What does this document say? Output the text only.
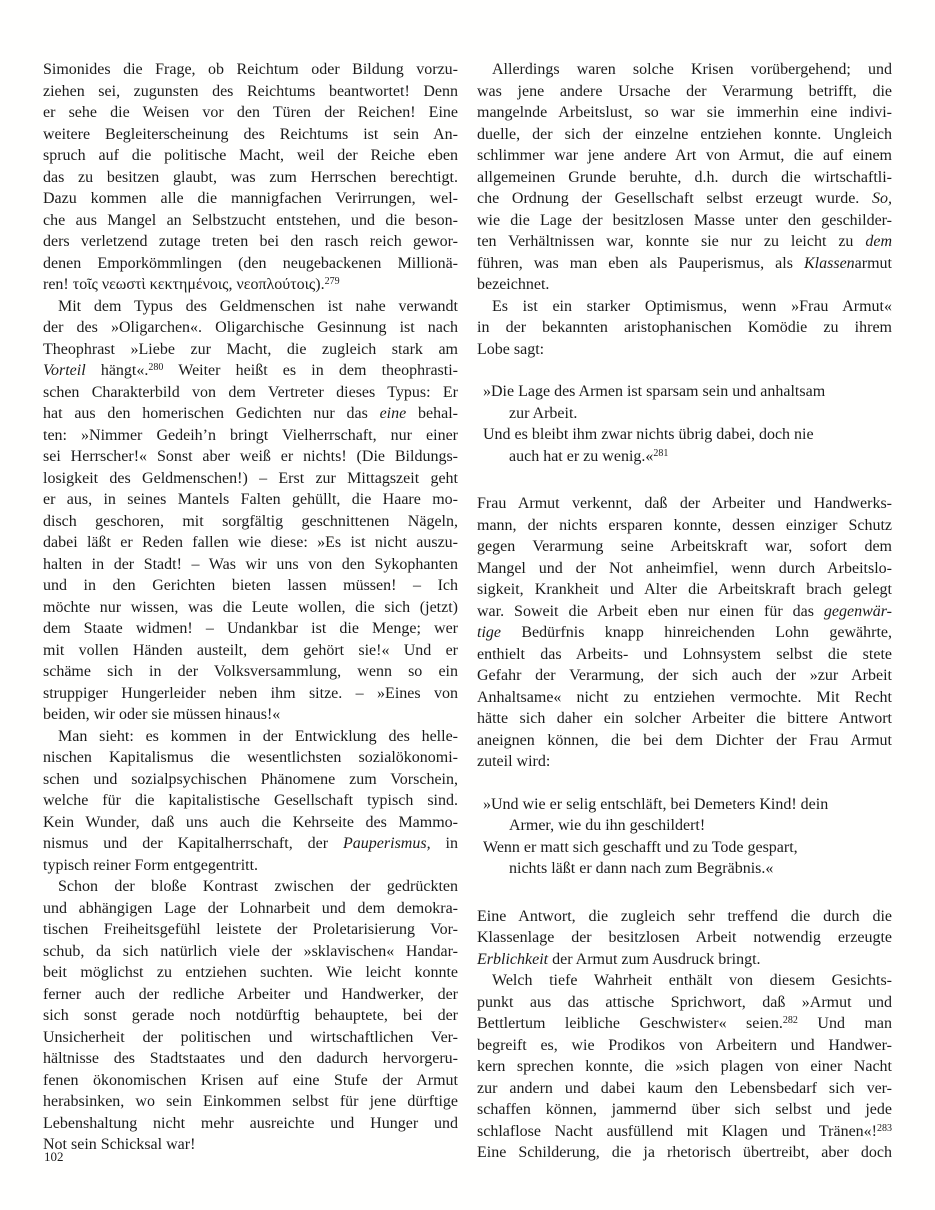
Simonides die Frage, ob Reichtum oder Bildung vorzu-
ziehen sei, zugunsten des Reichtums beantwortet! Denn
er sehe die Weisen vor den Türen der Reichen! Eine
weitere Begleiterscheinung des Reichtums ist sein An-
spruch auf die politische Macht, weil der Reiche eben
das zu besitzen glaubt, was zum Herrschen berechtigt.
Dazu kommen alle die mannigfachen Verirrungen, wel-
che aus Mangel an Selbstzucht entstehen, und die beson-
ders verletzend zutage treten bei den rasch reich gewor-
denen Emporkömmlingen (den neugebackenen Millionä-
ren! τοῖς νεωστὶ κεκτημένοις, νεοπλούτοις).$^{279}$
Mit dem Typus des Geldmenschen ist nahe verwandt
der des »Oligarchen«. Oligarchische Gesinnung ist nach
Theophrast »Liebe zur Macht, die zugleich stark am
Vorteil hängt«.$^{280}$ Weiter heißt es in dem theophrasti-
schen Charakterbild von dem Vertreter dieses Typus: Er
hat aus den homerischen Gedichten nur das eine behal-
ten: »Nimmer Gedeih’n bringt Vielherrschaft, nur einer
sei Herrscher!« Sonst aber weiß er nichts! (Die Bildungs-
losigkeit des Geldmenschen!) – Erst zur Mittagszeit geht
er aus, in seines Mantels Falten gehüllt, die Haare mo-
disch geschoren, mit sorgfältig geschnittenen Nägeln,
dabei läßt er Reden fallen wie diese: »Es ist nicht auszu-
halten in der Stadt! – Was wir uns von den Sykophanten
und in den Gerichten bieten lassen müssen! – Ich
möchte nur wissen, was die Leute wollen, die sich (jetzt)
dem Staate widmen! – Undankbar ist die Menge; wer
mit vollen Händen austeilt, dem gehört sie!« Und er
schäme sich in der Volksversammlung, wenn so ein
struppiger Hungerleider neben ihm sitze. – »Eines von
beiden, wir oder sie müssen hinaus!«
Man sieht: es kommen in der Entwicklung des helle-
nischen Kapitalismus die wesentlichsten sozialökonomi-
schen und sozialpsychischen Phänomene zum Vorschein,
welche für die kapitalistische Gesellschaft typisch sind.
Kein Wunder, daß uns auch die Kehrseite des Mammo-
nismus und der Kapitalherrschaft, der Pauperismus, in
typisch reiner Form entgegentritt.
Schon der bloße Kontrast zwischen der gedrückten
und abhängigen Lage der Lohnarbeit und dem demokra-
tischen Freiheitsgefühl leistete der Proletarisierung Vor-
schub, da sich natürlich viele der »sklavischen« Handar-
beit möglichst zu entziehen suchten. Wie leicht konnte
ferner auch der redliche Arbeiter und Handwerker, der
sich sonst gerade noch notdürftig behauptete, bei der
Unsicherheit der politischen und wirtschaftlichen Ver-
hältnisse des Stadtstaates und den dadurch hervorgeru-
fenen ökonomischen Krisen auf eine Stufe der Armut
herabsinken, wo sein Einkommen selbst für jene dürftige
Lebenshaltung nicht mehr ausreichte und Hunger und
Not sein Schicksal war!
Allerdings waren solche Krisen vorübergehend; und
was jene andere Ursache der Verarmung betrifft, die
mangelnde Arbeitslust, so war sie immerhin eine indivi-
duelle, der sich der einzelne entziehen konnte. Ungleich
schlimmer war jene andere Art von Armut, die auf einem
allgemeinen Grunde beruhte, d.h. durch die wirtschaftli-
che Ordnung der Gesellschaft selbst erzeugt wurde. So,
wie die Lage der besitzlosen Masse unter den geschilder-
ten Verhältnissen war, konnte sie nur zu leicht zu dem
führen, was man eben als Pauperismus, als Klassenarmut
bezeichnet.
Es ist ein starker Optimismus, wenn »Frau Armut«
in der bekannten aristophanischen Komödie zu ihrem
Lobe sagt:
»Die Lage des Armen ist sparsam sein und anhaltsam
zur Arbeit.
Und es bleibt ihm zwar nichts übrig dabei, doch nie
auch hat er zu wenig.«$^{281}$
Frau Armut verkennt, daß der Arbeiter und Handwerks-
mann, der nichts ersparen konnte, dessen einziger Schutz
gegen Verarmung seine Arbeitskraft war, sofort dem
Mangel und der Not anheimfiel, wenn durch Arbeitslo-
sigkeit, Krankheit und Alter die Arbeitskraft brach gelegt
war. Soweit die Arbeit eben nur einen für das gegenwär-
tige Bedürfnis knapp hinreichenden Lohn gewährte,
enthielt das Arbeits- und Lohnsystem selbst die stete
Gefahr der Verarmung, der sich auch der »zur Arbeit
Anhaltsame« nicht zu entziehen vermochte. Mit Recht
hätte sich daher ein solcher Arbeiter die bittere Antwort
aneignen können, die bei dem Dichter der Frau Armut
zuteil wird:
»Und wie er selig entschläft, bei Demeters Kind! dein
Armer, wie du ihn geschildert!
Wenn er matt sich geschafft und zu Tode gespart,
nichts läßt er dann nach zum Begräbnis.«
Eine Antwort, die zugleich sehr treffend die durch die
Klassenlage der besitzlosen Arbeit notwendig erzeugte
Erblichkeit der Armut zum Ausdruck bringt.
Welch tiefe Wahrheit enthält von diesem Gesichts-
punkt aus das attische Sprichwort, daß »Armut und
Bettlertum leibliche Geschwister« seien.$^{282}$ Und man
begreift es, wie Prodikos von Arbeitern und Handwer-
kern sprechen konnte, die »sich plagen von einer Nacht
zur andern und dabei kaum den Lebensbedarf sich ver-
schaffen können, jammernd über sich selbst und jede
schlaflose Nacht ausfüllend mit Klagen und Tränen«!$^{283}$
Eine Schilderung, die ja rhetorisch übertreibt, aber doch
102
